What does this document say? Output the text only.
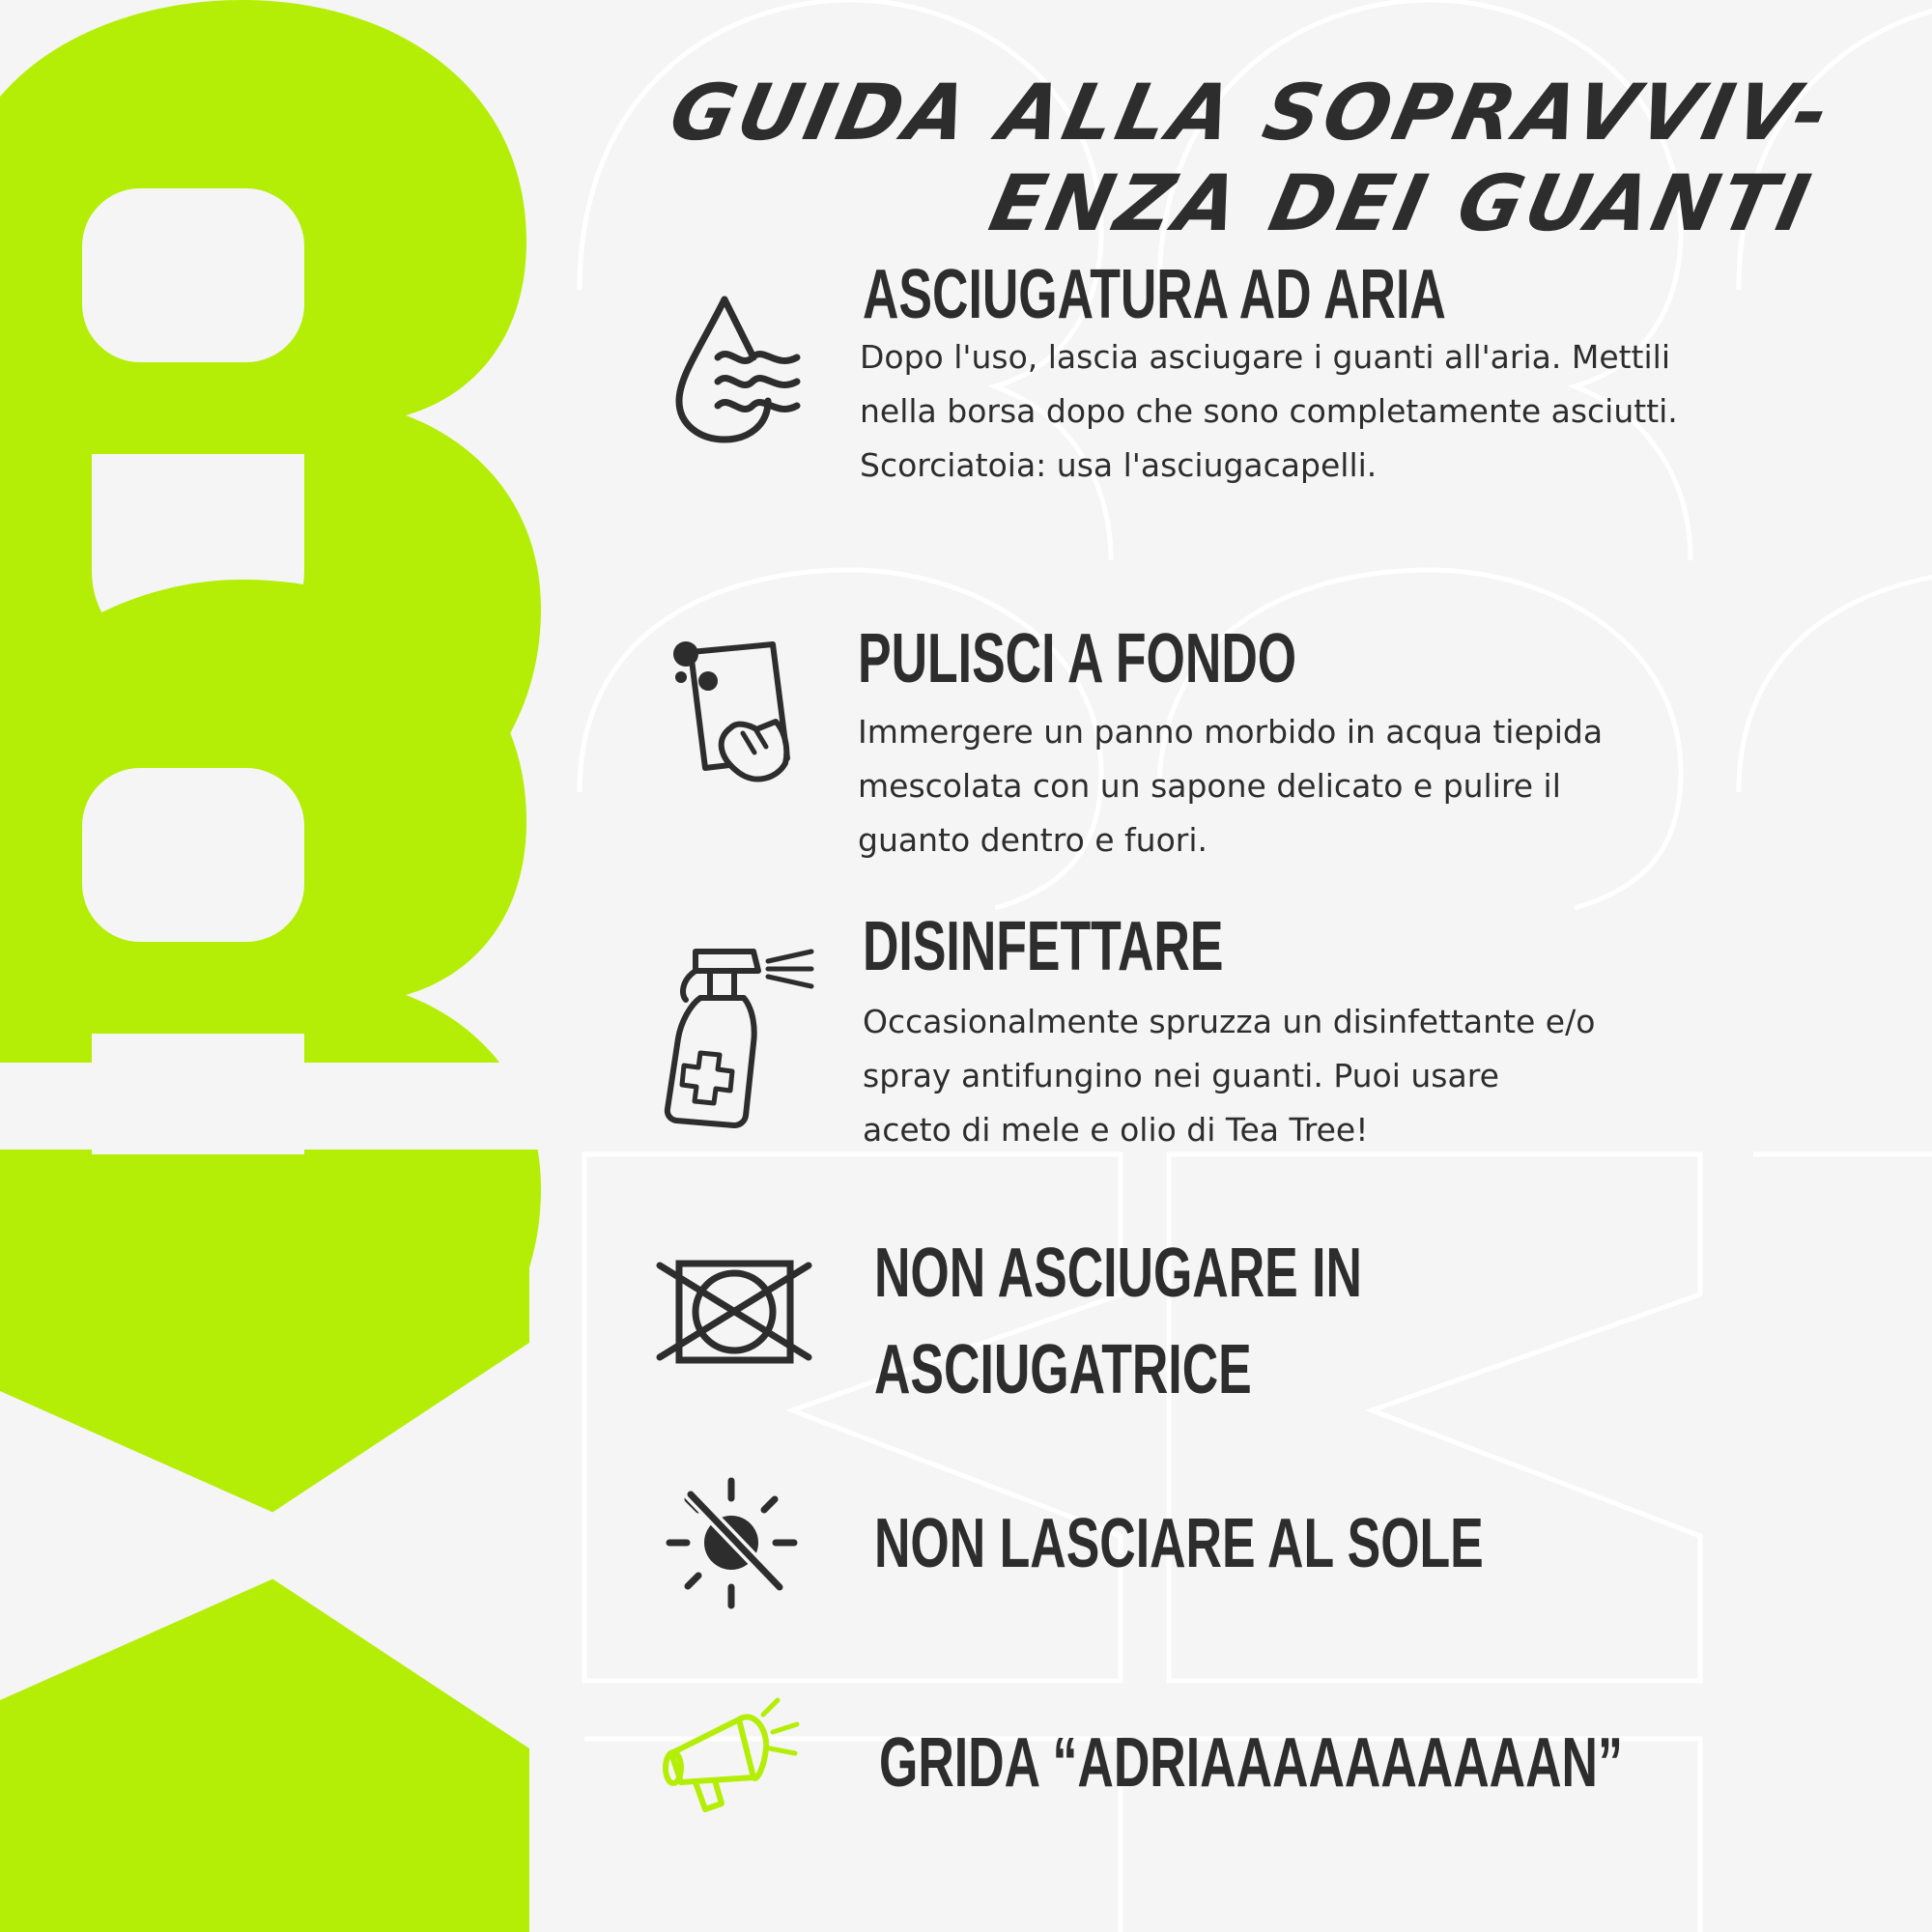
GUIDA ALLA SOPRAVVIV-
ENZA DEI GUANTI
ASCIUGATURA AD ARIA

Dopo l'uso, lascia asciugare i guanti all'aria. Mettili
nella borsa dopo che sono completamente asciutti.
Scorciatoia: usa l'asciugacapelli.

PULISCI A FONDO

Immergere un panno morbido in acqua tiepida
mescolata con un sapone delicato e pulire il
guanto dentro e fuori.

DISINFETTARE

Occasionalmente spruzza un disinfettante e/o
spray antifungino nei guanti. Puoi usare
aceto di mele e olio di Tea Tree!

NON ASCIUGARE IN
ASCIUGATRICE
NON LASCIARE AL SOLE
GRIDA “ADRIAAAAAAAAAAN”
